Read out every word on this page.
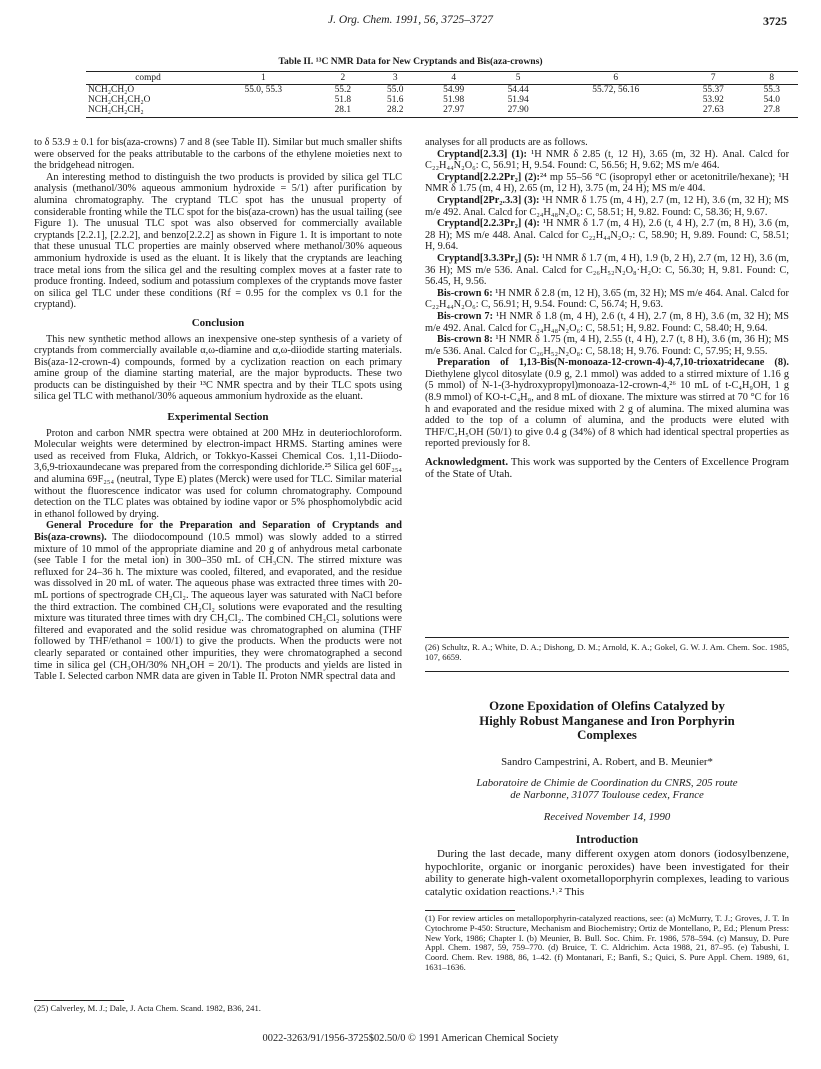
J. Org. Chem. 1991, 56, 3725–3727	3725
Table II. ¹³C NMR Data for New Cryptands and Bis(aza-crowns)
compd	1	2	3	4	5	6	7	8
NCH₂CH₂O	55.0, 55.3	55.2	55.0	54.99	54.44	55.72, 56.16	55.37	55.3
NCH₂CH₂CH₂O		51.8	51.6	51.98	51.94		53.92	54.0
NCH₂CH₂CH₂		28.1	28.2	27.97	27.90		27.63	27.8

to δ 53.9 ± 0.1 for bis(aza-crowns) 7 and 8 (see Table II). Similar but much smaller shifts were observed for the peaks attributable to the carbons of the ethylene moieties next to the bridgehead nitrogen.

An interesting method to distinguish the two products is provided by silica gel TLC analysis (methanol/30% aqueous ammonium hydroxide = 5/1) after purification by alumina chromatography. The cryptand TLC spot has the unusual property of considerable fronting while the TLC spot for the bis(aza-crown) has the usual tailing (see Figure 1). The unusual TLC spot was also observed for commercially available cryptands [2.2.1], [2.2.2], and benzo[2.2.2] as shown in Figure 1. It is important to note that these unusual TLC properties are mainly observed where methanol/30% aqueous ammonium hydroxide is used as the eluant. It is likely that the cryptands are leaching trace metal ions from the silica gel and the resulting complex moves at a faster rate to produce fronting. Indeed, sodium and potassium complexes of the cryptands move faster on silica gel TLC under these conditions (Rf = 0.95 for the complex vs 0.1 for the cryptand).

Conclusion

This new synthetic method allows an inexpensive one-step synthesis of a variety of cryptands from commercially available α,ω-diamine and α,ω-diiodide starting materials. Bis(aza-12-crown-4) compounds, formed by a cyclization reaction on each primary amine group of the diamine starting material, are the major byproducts. These two products can be distinguished by their ¹³C NMR spectra and by their TLC spots using silica gel TLC with methanol/30% aqueous ammonium hydroxide as the eluant.

Experimental Section

Proton and carbon NMR spectra were obtained at 200 MHz in deuteriochloroform. Molecular weights were determined by electron-impact HRMS. Starting amines were used as received from Fluka, Aldrich, or Tokkyo-Kassei Chemical Cos. 1,11-Diiodo-3,6,9-trioxaundecane was prepared from the corresponding dichloride.²⁵ Silica gel 60F₂₅₄ and alumina 69F₂₅₄ (neutral, Type E) plates (Merck) were used for TLC. Similar material without the fluorescence indicator was used for column chromatography. Compound detection on the TLC plates was obtained by iodine vapor or 5% phosphomolybdic acid in ethanol followed by drying.

General Procedure for the Preparation and Separation of Cryptands and Bis(aza-crowns). The diiodocompound (10.5 mmol) was slowly added to a stirred mixture of 10 mmol of the appropriate diamine and 20 g of anhydrous metal carbonate (see Table I for the metal ion) in 300–350 mL of CH₃CN. The stirred mixture was refluxed for 24–36 h. The mixture was cooled, filtered, and evaporated, and the residue was dissolved in 20 mL of water. The aqueous phase was extracted three times with 20-mL portions of spectrograde CH₂Cl₂. The aqueous layer was saturated with NaCl before the third extraction. The combined CH₂Cl₂ solutions were evaporated and the resulting mixture was titurated three times with dry CH₂Cl₂. The combined CH₂Cl₂ solutions were filtered and evaporated and the solid residue was chromatographed on alumina (THF followed by THF/ethanol = 100/1) to give the products. When the products were not clearly separated or contained other impurities, they were chromatographed a second time in silica gel (CH₃OH/30% NH₄OH = 20/1). The products and yields are listed in Table I. Selected carbon NMR data are given in Table II. Proton NMR spectral data and

(25) Calverley, M. J.; Dale, J. Acta Chem. Scand. 1982, B36, 241.

analyses for all products are as follows.

Cryptand[2.3.3] (1): ¹H NMR δ 2.85 (t, 12 H), 3.65 (m, 32 H). Anal. Calcd for C₂₂H₄₄N₂O₆: C, 56.91; H, 9.54. Found: C, 56.56; H, 9.62; MS m/e 464.

Cryptand[2.2.2Pr₂] (2):²⁴ mp 55–56 °C (isopropyl ether or acetonitrile/hexane); ¹H NMR δ 1.75 (m, 4 H), 2.65 (m, 12 H), 3.75 (m, 24 H); MS m/e 404.

Cryptand[2Pr₂.3.3] (3): ¹H NMR δ 1.75 (m, 4 H), 2.7 (m, 12 H), 3.6 (m, 32 H); MS m/e 492. Anal. Calcd for C₂₄H₄₈N₂O₆: C, 58.51; H, 9.82. Found: C, 58.36; H, 9.67.

Cryptand[2.2.3Pr₂] (4): ¹H NMR δ 1.7 (m, 4 H), 2.6 (t, 4 H), 2.7 (m, 8 H), 3.6 (m, 28 H); MS m/e 448. Anal. Calcd for C₂₂H₄₄N₂O₇: C, 58.90; H, 9.89. Found: C, 58.51; H, 9.64.

Cryptand[3.3.3Pr₂] (5): ¹H NMR δ 1.7 (m, 4 H), 1.9 (b, 2 H), 2.7 (m, 12 H), 3.6 (m, 36 H); MS m/e 536. Anal. Calcd for C₂₆H₅₂N₂O₈·H₂O: C, 56.30; H, 9.81. Found: C, 56.45, H, 9.56.

Bis-crown 6: ¹H NMR δ 2.8 (m, 12 H), 3.65 (m, 32 H); MS m/e 464. Anal. Calcd for C₂₂H₄₄N₂O₆: C, 56.91; H, 9.54. Found: C, 56.74; H, 9.63.

Bis-crown 7: ¹H NMR δ 1.8 (m, 4 H), 2.6 (t, 4 H), 2.7 (m, 8 H), 3.6 (m, 32 H); MS m/e 492. Anal. Calcd for C₂₄H₄₈N₂O₆: C, 58.51; H, 9.82. Found: C, 58.40; H, 9.64.

Bis-crown 8: ¹H NMR δ 1.75 (m, 4 H), 2.55 (t, 4 H), 2.7 (t, 8 H), 3.6 (m, 36 H); MS m/e 536. Anal. Calcd for C₂₆H₅₂N₂O₈: C, 58.18; H, 9.76. Found: C, 57.95; H, 9.55.

Preparation of 1,13-Bis(N-monoaza-12-crown-4)-4,7,10-trioxatridecane (8). Diethylene glycol ditosylate (0.9 g, 2.1 mmol) was added to a stirred mixture of 1.16 g (5 mmol) of N-1-(3-hydroxypropyl)monoaza-12-crown-4,²⁶ 10 mL of t-C₄H₉OH, 1 g (8.9 mmol) of KO-t-C₄H₉, and 8 mL of dioxane. The mixture was stirred at 70 °C for 16 h and evaporated and the residue mixed with 2 g of alumina. The mixed alumina was added to the top of a column of alumina, and the products were eluted with THF/C₂H₅OH (50/1) to give 0.4 g (34%) of 8 which had identical spectral properties as reported previously for 8.

Acknowledgment. This work was supported by the Centers of Excellence Program of the State of Utah.

(26) Schultz, R. A.; White, D. A.; Dishong, D. M.; Arnold, K. A.; Gokel, G. W. J. Am. Chem. Soc. 1985, 107, 6659.

Ozone Epoxidation of Olefins Catalyzed by
Highly Robust Manganese and Iron Porphyrin
Complexes
Sandro Campestrini, A. Robert, and B. Meunier*
Laboratoire de Chimie de Coordination du CNRS, 205 route
de Narbonne, 31077 Toulouse cedex, France
Received November 14, 1990
Introduction

During the last decade, many different oxygen atom donors (iodosylbenzene, hypochlorite, organic or inorganic peroxides) have been investigated for their ability to generate high-valent oxometalloporphyrin complexes, leading to various catalytic oxidation reactions.¹˒² This

(1) For review articles on metalloporphyrin-catalyzed reactions, see: (a) McMurry, T. J.; Groves, J. T. In Cytochrome P-450: Structure, Mechanism and Biochemistry; Ortiz de Montellano, P., Ed.; Plenum Press: New York, 1986; Chapter I. (b) Meunier, B. Bull. Soc. Chim. Fr. 1986, 578–594. (c) Mansuy, D. Pure Appl. Chem. 1987, 59, 759–770. (d) Bruice, T. C. Aldrichim. Acta 1988, 21, 87–95. (e) Tabushi, I. Coord. Chem. Rev. 1988, 86, 1–42. (f) Montanari, F.; Banfi, S.; Quici, S. Pure Appl. Chem. 1989, 61, 1631–1636.

0022-3263/91/1956-3725$02.50/0 © 1991 American Chemical Society
